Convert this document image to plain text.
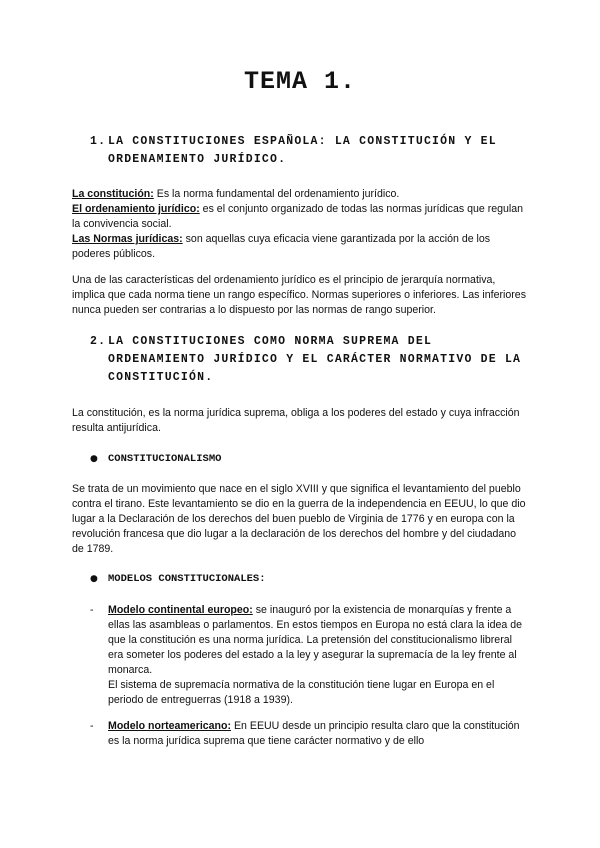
TEMA 1.
1. LA CONSTITUCIONES ESPAÑOLA: LA CONSTITUCIÓN Y EL ORDENAMIENTO JURÍDICO.

La constitución: Es la norma fundamental del ordenamiento jurídico.

El ordenamiento jurídico: es el conjunto organizado de todas las normas jurídicas que regulan la convivencia social.

Las Normas jurídicas: son aquellas cuya eficacia viene garantizada por la acción de los poderes públicos.

Una de las características del ordenamiento jurídico es el principio de jerarquía normativa, implica que cada norma tiene un rango específico. Normas superiores o inferiores. Las inferiores nunca pueden ser contrarias a lo dispuesto por las normas de rango superior.

2. LA CONSTITUCIONES COMO NORMA SUPREMA DEL ORDENAMIENTO JURÍDICO Y EL CARÁCTER NORMATIVO DE LA CONSTITUCIÓN.

La constitución, es la norma jurídica suprema, obliga a los poderes del estado y cuya infracción resulta antijurídica.

● CONSTITUCIONALISMO

Se trata de un movimiento que nace en el siglo XVIII y que significa el levantamiento del pueblo contra el tirano. Este levantamiento se dio en la guerra de la independencia en EEUU, lo que dio lugar a la Declaración de los derechos del buen pueblo de Virginia de 1776 y en europa con la revolución francesa que dio lugar a la declaración de los derechos del hombre y del ciudadano de 1789.

● MODELOS CONSTITUCIONALES:
- Modelo continental europeo: se inauguró por la existencia de monarquías y frente a ellas las asambleas o parlamentos. En estos tiempos en Europa no está clara la idea de que la constitución es una norma jurídica. La pretensión del constitucionalismo libreral era someter los poderes del estado a la ley y asegurar la supremacía de la ley frente al monarca.

El sistema de supremacía normativa de la constitución tiene lugar en Europa en el periodo de entreguerras (1918 a 1939).

- Modelo norteamericano: En EEUU desde un principio resulta claro que la constitución es la norma jurídica suprema que tiene carácter normativo y de ello
